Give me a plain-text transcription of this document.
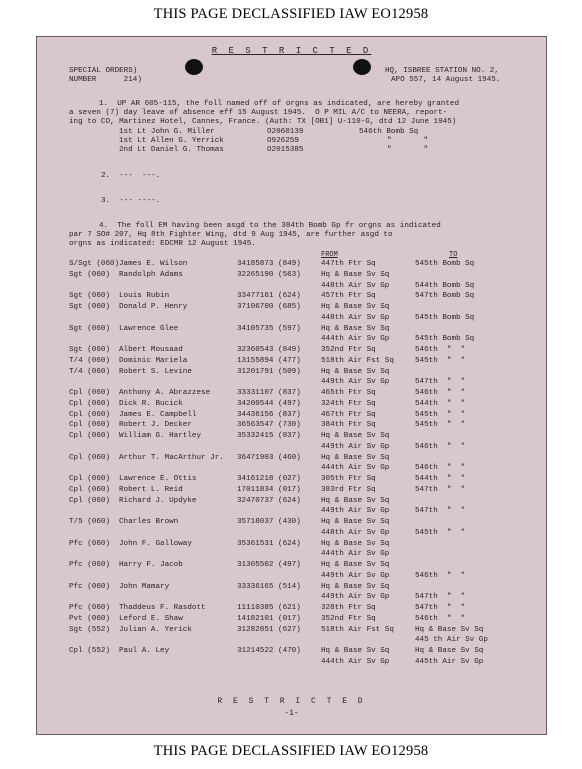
THIS PAGE DECLASSIFIED IAW EO12958
R E S T R I C T E D
SPECIAL ORDERS)
NUMBER      214)
HQ, ISBREE STATION NO. 2,
APO 557, 14 August 1945.
1.  UP AR 605-115, the foll named off of orgns as indicated, are hereby granted
a seven (7) day leave of absence eff 15 August 1945.  O P MIL A/C to NEERA, report-
ing to CO, Martinez Hotel, Cannes, France. (Auth: TX [OB1] U-110-G, dtd 12 June 1945)
1st Lt John G. Miller	O2060139	546th Bomb Sq
1st Lt Allen G. Yerrick	O926259	"       "
2nd Lt Daniel G. Thomas	O2015385	"       "
2.  ---  ---.
3.  --- ----.
4.  The foll EM having been asgd to the 384th Bomb Gp fr orgns as indicated
par 7 SO# 207, Hq 8th Fighter Wing, dtd 9 Aug 1945, are further asgd to
orgns as indicated: EDCMR 12 August 1945.
FROM	TO
S/Sgt (060) James E. Wilson	34185873 (849)	447th Ftr Sq	545th Bomb Sq
Sgt (060) Randolph Adams	32265190 (563)	Hq & Base Sv Sq
448th Air Sv Gp	544th Bomb Sq
Sgt (060) Louis Rubin	33477161 (624)	457th Ftr Sq	547th Bomb Sq
Sgt (060) Donald P. Henry	37106700 (685)	Hq & Base Sv Sq
448th Air Sv Gp	545th Bomb Sq
Sgt (060) Lawrence Glee	34105735 (597)	Hq & Base Sv Sq
444th Air Sv Gp	545th Bomb Sq
Sgt (060) Albert Mousaad	32360543 (849)	352nd Ftr Sq	546th  "  "
T/4 (060) Dominic Mariela	13155894 (477)	518th Air Fst Sq	545th  "  "
T/4 (060) Robert S. Levine	31201791 (509)	Hq & Base Sv Sq
449th Air Sv Gp	547th  "  "
Cpl (060) Anthony A. Abrazzese	33331107 (837)	465th Ftr Sq	546th  "  "
Cpl (060) Dick R. Bucick	34200544 (497)	324th Ftr Sq	544th  "  "
Cpl (060) James E. Campbell	34436156 (837)	467th Ftr Sq	545th  "  "
Cpl (060) Robert J. Decker	36563547 (730)	384th Ftr Sq	545th  "  "
Cpl (060) William G. Hartley	35332415 (837)	Hq & Base Sv Sq
449th Air Sv Gp	546th  "  "
Cpl (060) Arthur T. MacArthur Jr. 36471903 (460)	Hq & Base Sv Sq
444th Air Sv Gp	546th  "  "
Cpl (060) Lawrence E. Ottis	34161218 (027)	305th Ftr Sq	544th  "  "
Cpl (060) Robert L. Reid	17011834 (017)	383rd Ftr Sq	547th  "  "
Cpl (060) Richard J. Updyke	32470737 (624)	Hq & Base Sv Sq
449th Air Sv Gp	547th  "  "
T/5 (060) Charles Brown	35718037 (430)	Hq & Base Sv Sq
448th Air Sv Gp	545th  "  "
Pfc (060) John F. Galloway	35361531 (624)	Hq & Base Sv Sq
444th Air Sv Gp
Pfc (060) Harry F. Jacob	31305502 (497)	Hq & Base Sv Sq
449th Air Sv Gp	546th  "  "
Pfc (060) John Mamary	33336165 (514)	Hq & Base Sv Sq
449th Air Sv Gp	547th  "  "
Pfc (060) Thaddeus F. Rasdott	11110385 (621)	328th Ftr Sq	547th  "  "
Pvt (060) Leford E. Shaw	14182101 (017)	352nd Ftr Sq	546th  "  "
Sgt (552) Julian A. Yerick	31282851 (627)	518th Air Fst Sq	Hq & Base Sv Sq
445 th Air Sv Gp
Cpl (552) Paul A. Ley	31214522 (470)	Hq & Base Sv Sq	Hq & Base Sv Sq
444th Air Sv Gp	445th Air Sv Gp
R E S T R I C T E D
-1-
THIS PAGE DECLASSIFIED IAW EO12958
